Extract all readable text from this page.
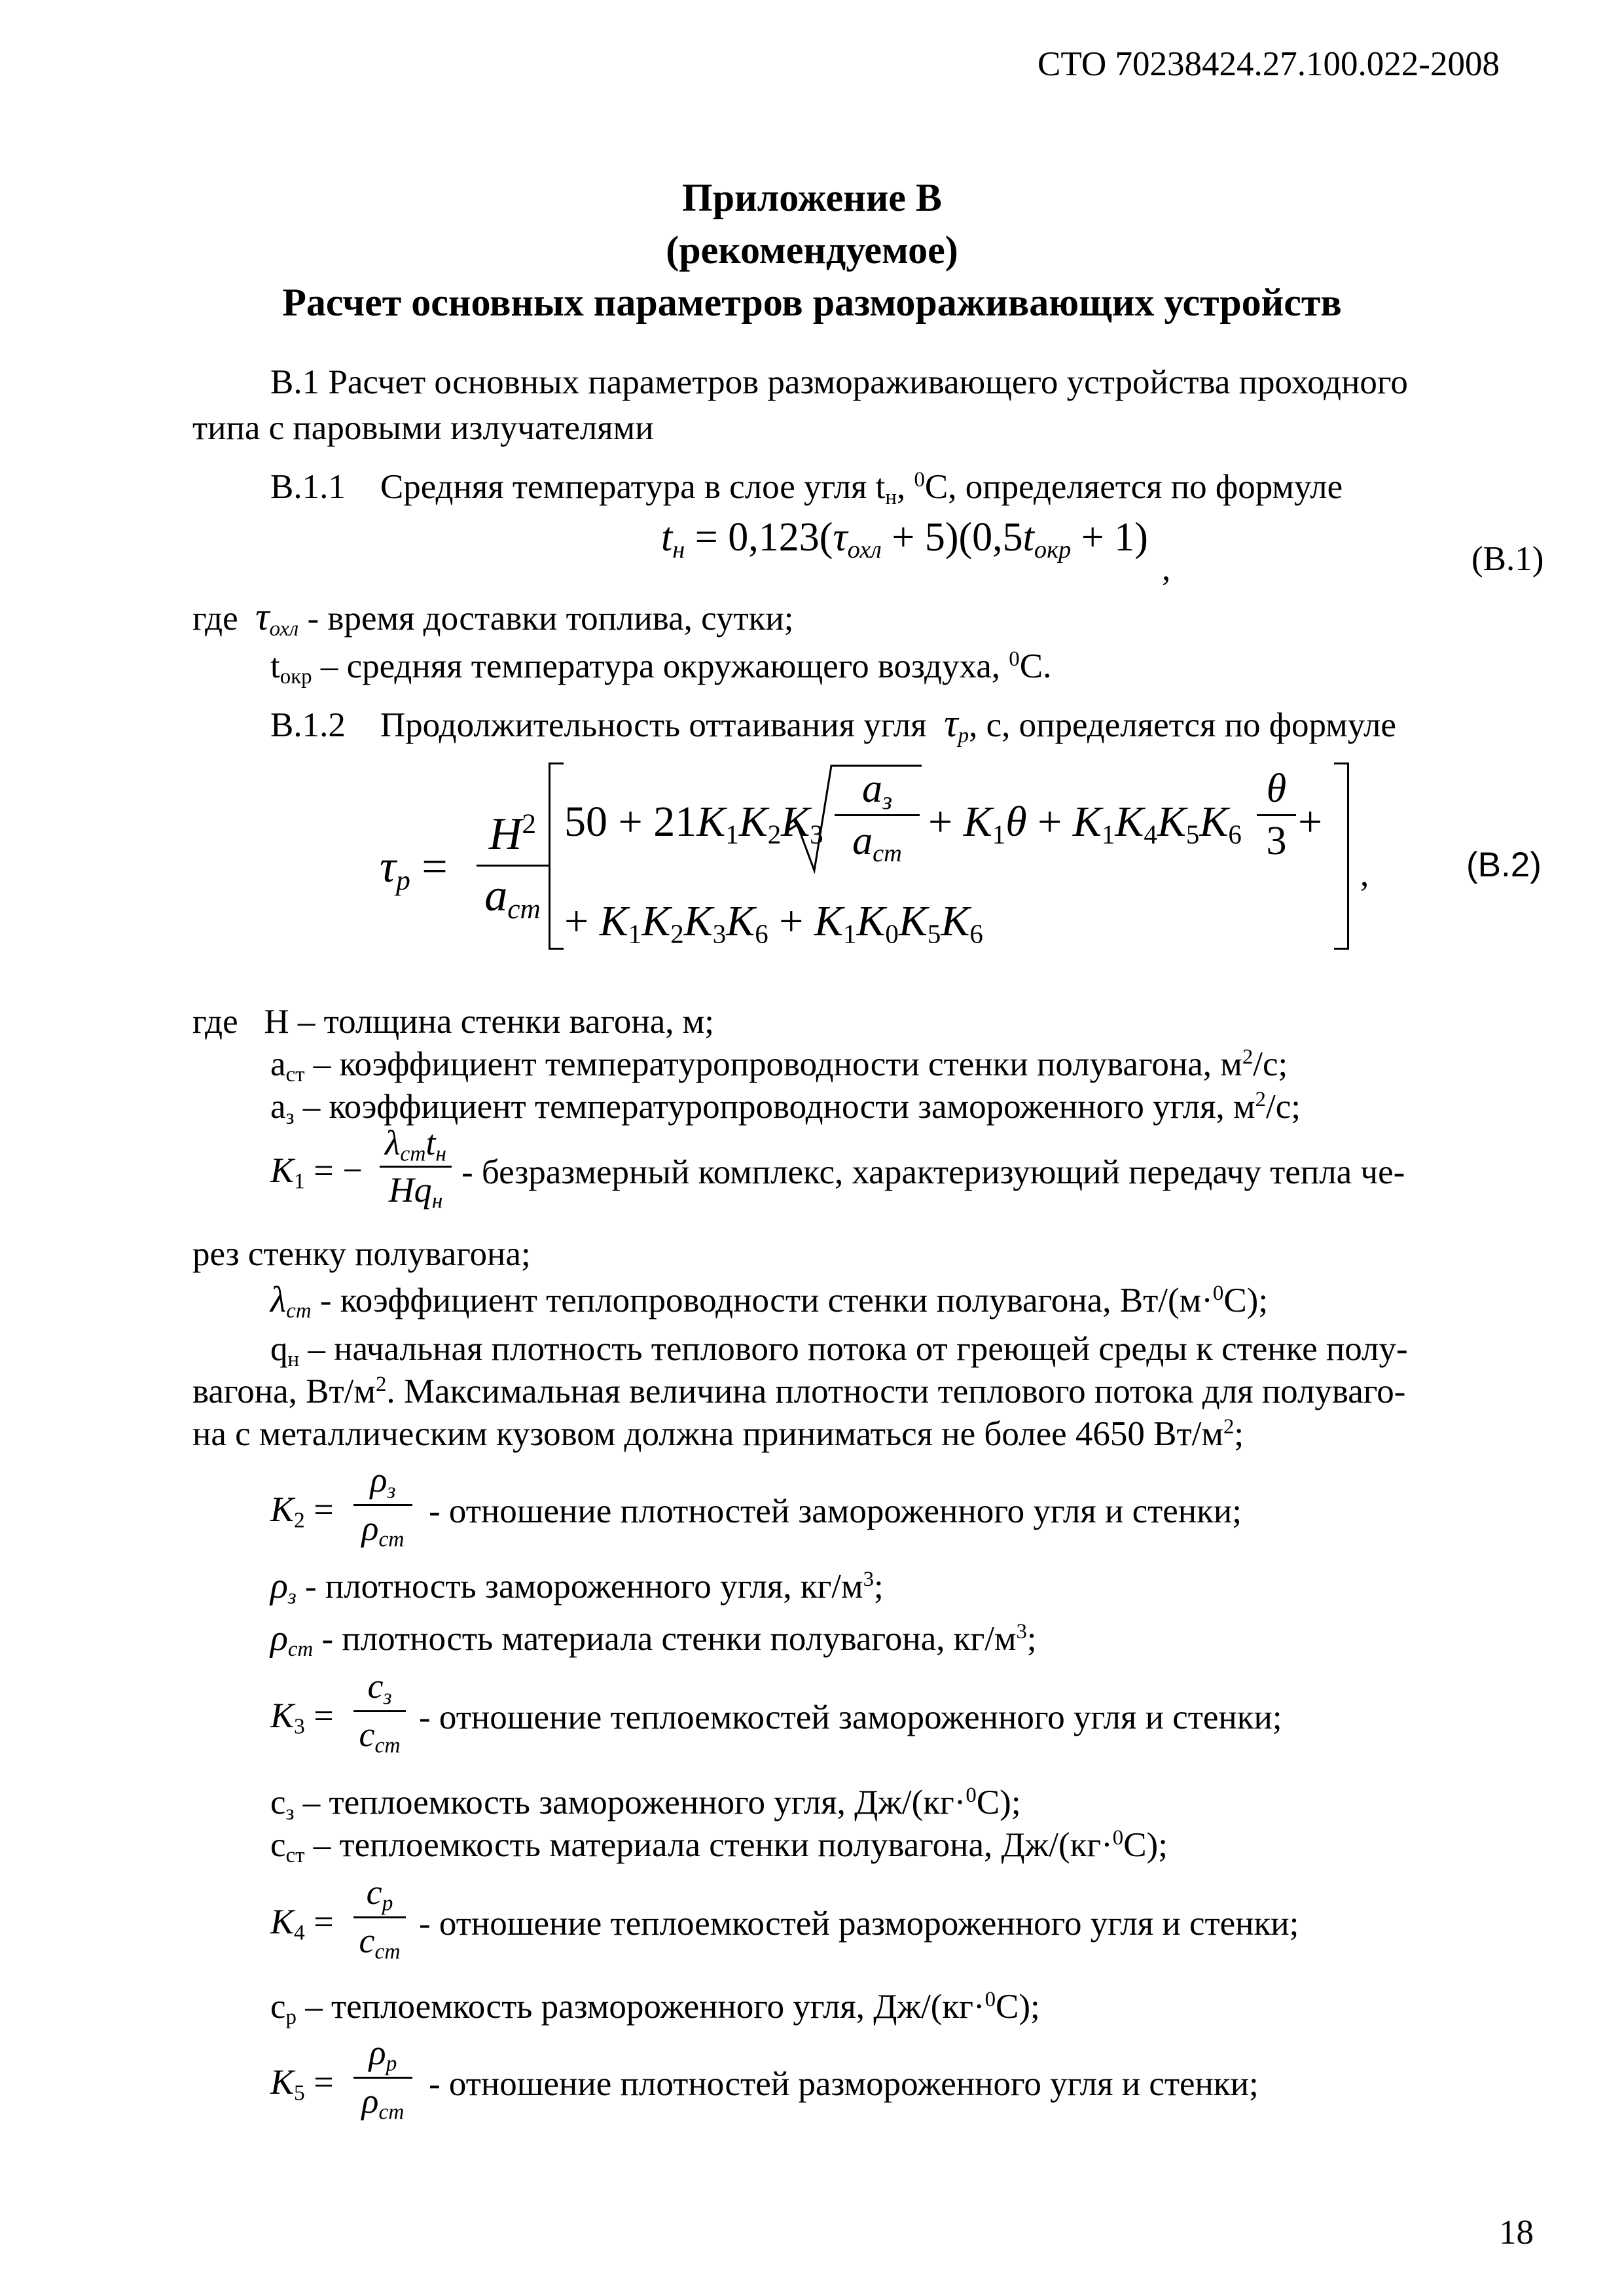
СТО 70238424.27.100.022-2008
Приложение В
(рекомендуемое)
Расчет основных параметров размораживающих устройств
В.1 Расчет основных параметров размораживающего устройства проходного
типа с паровыми излучателями
В.1.1 Средняя температура в слое угля $t_н$, $^0$С, определяется по формуле
$t_н = 0,123(\tau_{охл} + 5)(0,5t_{окр} + 1)$
,	(В.1)
где $\tau_{охл}$ - время доставки топлива, сутки;
$t_{окр}$ – средняя температура окружающего воздуха, $^0$С.
В.1.2 Продолжительность оттаивания угля $\tau_р$, с, определяется по формуле
$\tau_р$ =
$H^2$
$a_{ст}$
$50 + 21K_1K_2K_3$
$a_з$
$a_{ст}$
+ $K_1\theta + K_1K_4K_5K_6$
θ
3 +
+ $K_1K_2K_3K_6 + K_1K_0K_5K_6$
,	(В.2)
где Н – толщина стенки вагона, м;
$а_{ст}$ – коэффициент температуропроводности стенки полувагона, $м^2/с$;
$а_з$ – коэффициент температуропроводности замороженного угля, $м^2/с$;
$K_1$ = −
$\lambda_{ст}t_н$
$Hq_н$
- безразмерный комплекс, характеризующий передачу тепла че-
рез стенку полувагона;
$\lambda_{ст}$ - коэффициент теплопроводности стенки полувагона, Вт/(м·$^0$С);
$q_н$ – начальная плотность теплового потока от греющей среды к стенке полу-
вагона, $Вт/м^2$. Максимальная величина плотности теплового потока для полуваго-
на с металлическим кузовом должна приниматься не более 4650 $Вт/м^2$;
$K_2$ =
$\rho_з$
$\rho_{ст}$
- отношение плотностей замороженного угля и стенки;
$\rho_з$ - плотность замороженного угля, $кг/м^3$;
$\rho_{ст}$ - плотность материала стенки полувагона, $кг/м^3$;
$K_3$ =
$c_з$
$c_{ст}$
- отношение теплоемкостей замороженного угля и стенки;
$с_з$ – теплоемкость замороженного угля, Дж/(кг·$^0$С);
$с_{ст}$ – теплоемкость материала стенки полувагона, Дж/(кг·$^0$С);
$K_4$ =
$c_р$
$c_{ст}$
- отношение теплоемкостей размороженного угля и стенки;
$с_р$ – теплоемкость размороженного угля, Дж/(кг·$^0$С);
$K_5$ =
$\rho_р$
$\rho_{ст}$
- отношение плотностей размороженного угля и стенки;
18
